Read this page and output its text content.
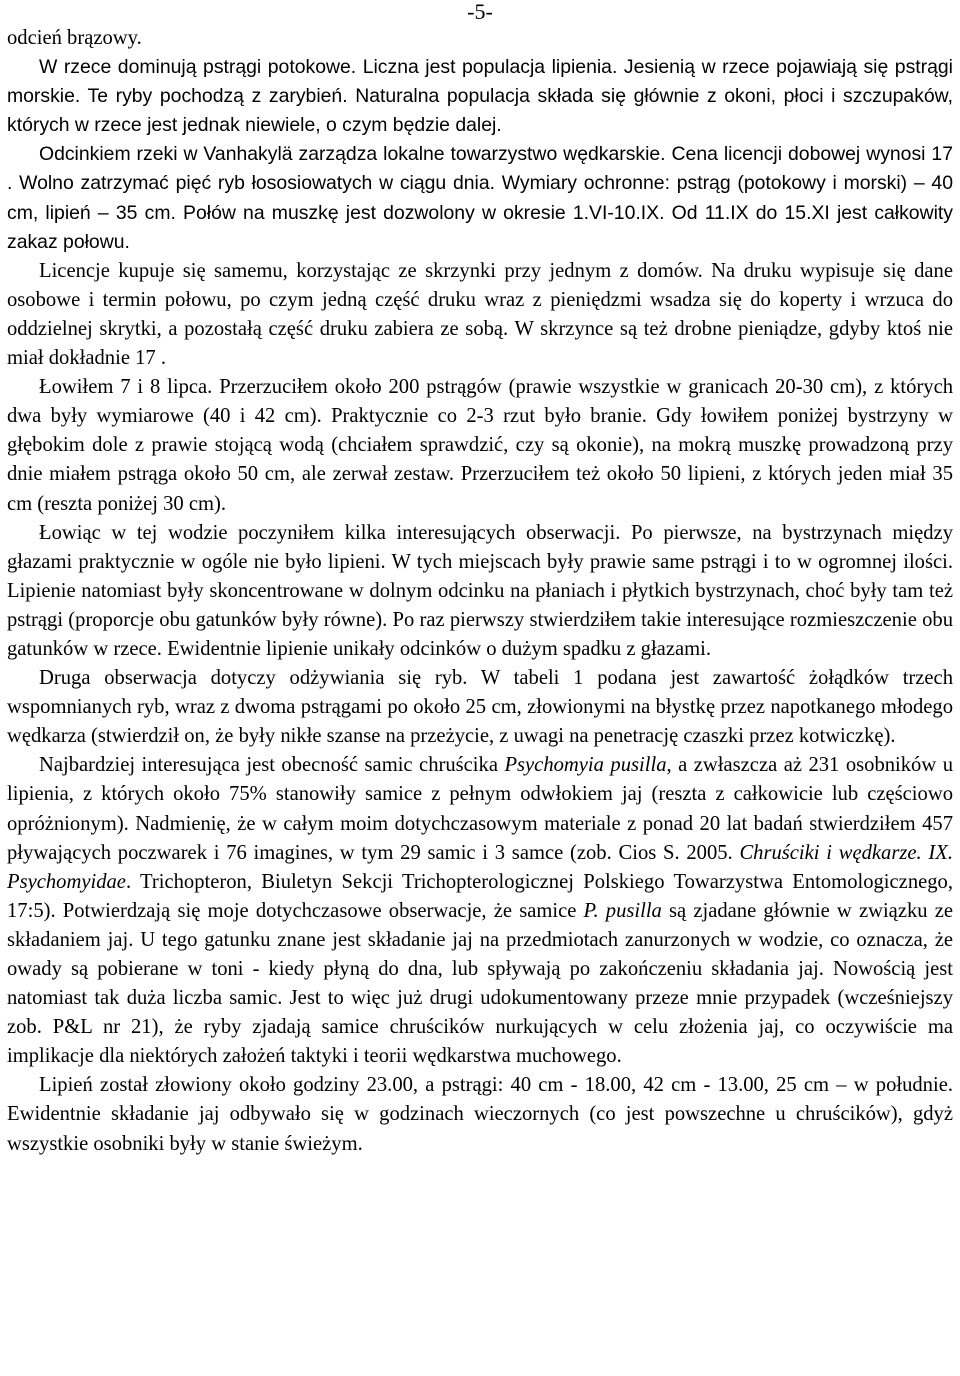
-5-

odcień brązowy.

W rzece dominują pstrągi potokowe. Liczna jest populacja lipienia. Jesienią w rzece pojawiają się pstrągi morskie. Te ryby pochodzą z zarybień. Naturalna populacja składa się głównie z okoni, płoci i szczupaków, których w rzece jest jednak niewiele, o czym będzie dalej.

Odcinkiem rzeki w Vanhakylä zarządza lokalne towarzystwo wędkarskie. Cena licencji dobowej wynosi 17 . Wolno zatrzymać pięć ryb łososiowatych w ciągu dnia. Wymiary ochronne: pstrąg (potokowy i morski) – 40 cm, lipień – 35 cm. Połów na muszkę jest dozwolony w okresie 1.VI-10.IX. Od 11.IX do 15.XI jest całkowity zakaz połowu.

Licencje kupuje się samemu, korzystając ze skrzynki przy jednym z domów. Na druku wypisuje się dane osobowe i termin połowu, po czym jedną część druku wraz z pieniędzmi wsadza się do koperty i wrzuca do oddzielnej skrytki, a pozostałą część druku zabiera ze sobą. W skrzynce są też drobne pieniądze, gdyby ktoś nie miał dokładnie 17 .

Łowiłem 7 i 8 lipca. Przerzuciłem około 200 pstrągów (prawie wszystkie w granicach 20-30 cm), z których dwa były wymiarowe (40 i 42 cm). Praktycznie co 2-3 rzut było branie. Gdy łowiłem poniżej bystrzyny w głębokim dole z prawie stojącą wodą (chciałem sprawdzić, czy są okonie), na mokrą muszkę prowadzoną przy dnie miałem pstrąga około 50 cm, ale zerwał zestaw. Przerzuciłem też około 50 lipieni, z których jeden miał 35 cm (reszta poniżej 30 cm).

Łowiąc w tej wodzie poczyniłem kilka interesujących obserwacji. Po pierwsze, na bystrzynach między głazami praktycznie w ogóle nie było lipieni. W tych miejscach były prawie same pstrągi i to w ogromnej ilości. Lipienie natomiast były skoncentrowane w dolnym odcinku na płaniach i płytkich bystrzynach, choć były tam też pstrągi (proporcje obu gatunków były równe). Po raz pierwszy stwierdziłem takie interesujące rozmieszczenie obu gatunków w rzece. Ewidentnie lipienie unikały odcinków o dużym spadku z głazami.

Druga obserwacja dotyczy odżywiania się ryb. W tabeli 1 podana jest zawartość żołądków trzech wspomnianych ryb, wraz z dwoma pstrągami po około 25 cm, złowionymi na błystkę przez napotkanego młodego wędkarza (stwierdził on, że były nikłe szanse na przeżycie, z uwagi na penetrację czaszki przez kotwiczkę).

Najbardziej interesująca jest obecność samic chruścika Psychomyia pusilla, a zwłaszcza aż 231 osobników u lipienia, z których około 75% stanowiły samice z pełnym odwłokiem jaj (reszta z całkowicie lub częściowo opróżnionym). Nadmienię, że w całym moim dotychczasowym materiale z ponad 20 lat badań stwierdziłem 457 pływających poczwarek i 76 imagines, w tym 29 samic i 3 samce (zob. Cios S. 2005. Chruściki i wędkarze. IX. Psychomyidae. Trichopteron, Biuletyn Sekcji Trichopterologicznej Polskiego Towarzystwa Entomologicznego, 17:5). Potwierdzają się moje dotychczasowe obserwacje, że samice P. pusilla są zjadane głównie w związku ze składaniem jaj. U tego gatunku znane jest składanie jaj na przedmiotach zanurzonych w wodzie, co oznacza, że owady są pobierane w toni - kiedy płyną do dna, lub spływają po zakończeniu składania jaj. Nowością jest natomiast tak duża liczba samic. Jest to więc już drugi udokumentowany przeze mnie przypadek (wcześniejszy zob. P&L nr 21), że ryby zjadają samice chruścików nurkujących w celu złożenia jaj, co oczywiście ma implikacje dla niektórych założeń taktyki i teorii wędkarstwa muchowego.

Lipień został złowiony około godziny 23.00, a pstrągi: 40 cm - 18.00, 42 cm - 13.00, 25 cm – w południe. Ewidentnie składanie jaj odbywało się w godzinach wieczornych (co jest powszechne u chruścików), gdyż wszystkie osobniki były w stanie świeżym.
